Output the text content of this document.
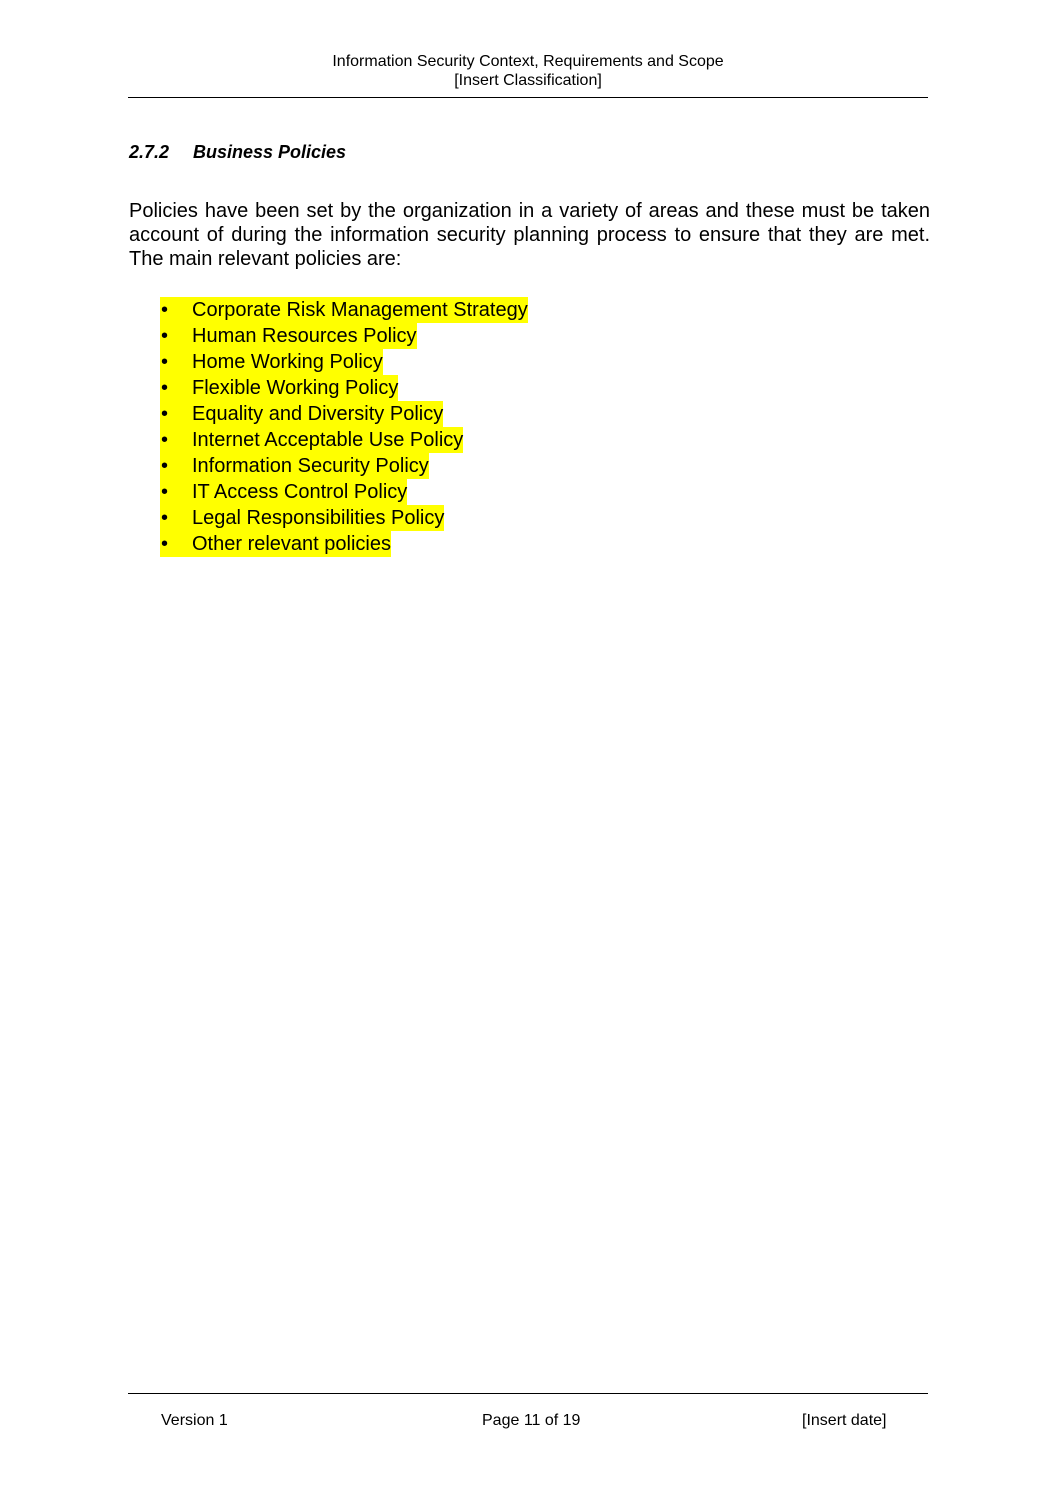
Information Security Context, Requirements and Scope
[Insert Classification]
2.7.2 Business Policies

Policies have been set by the organization in a variety of areas and these must be taken account of during the information security planning process to ensure that they are met. The main relevant policies are:

• Corporate Risk Management Strategy
• Human Resources Policy
• Home Working Policy
• Flexible Working Policy
• Equality and Diversity Policy
• Internet Acceptable Use Policy
• Information Security Policy
• IT Access Control Policy
• Legal Responsibilities Policy
• Other relevant policies
Version 1	Page 11 of 19	[Insert date]
